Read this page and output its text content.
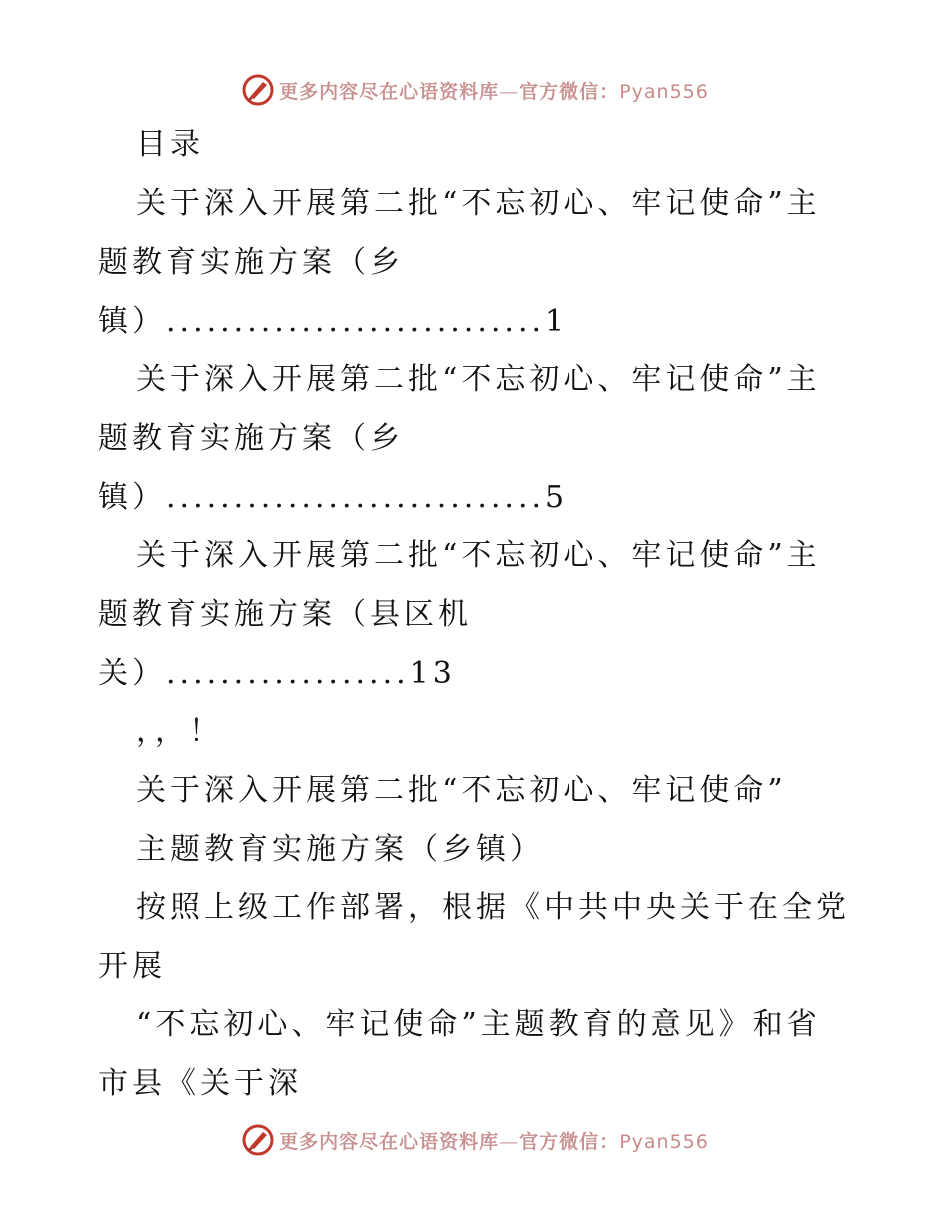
更多内容尽在心语资料库—官方微信：Pyan556
目录
关于深入开展第二批“不忘初心、牢记使命”主
题教育实施方案（乡
镇）............................1
关于深入开展第二批“不忘初心、牢记使命”主
题教育实施方案（乡
镇）............................5
关于深入开展第二批“不忘初心、牢记使命”主
题教育实施方案（县区机
关）..................13
，，！
关于深入开展第二批“不忘初心、牢记使命”
主题教育实施方案（乡镇）
按照上级工作部署，根据《中共中央关于在全党
开展
“不忘初心、牢记使命”主题教育的意见》和省
市县《关于深
更多内容尽在心语资料库—官方微信：Pyan556
